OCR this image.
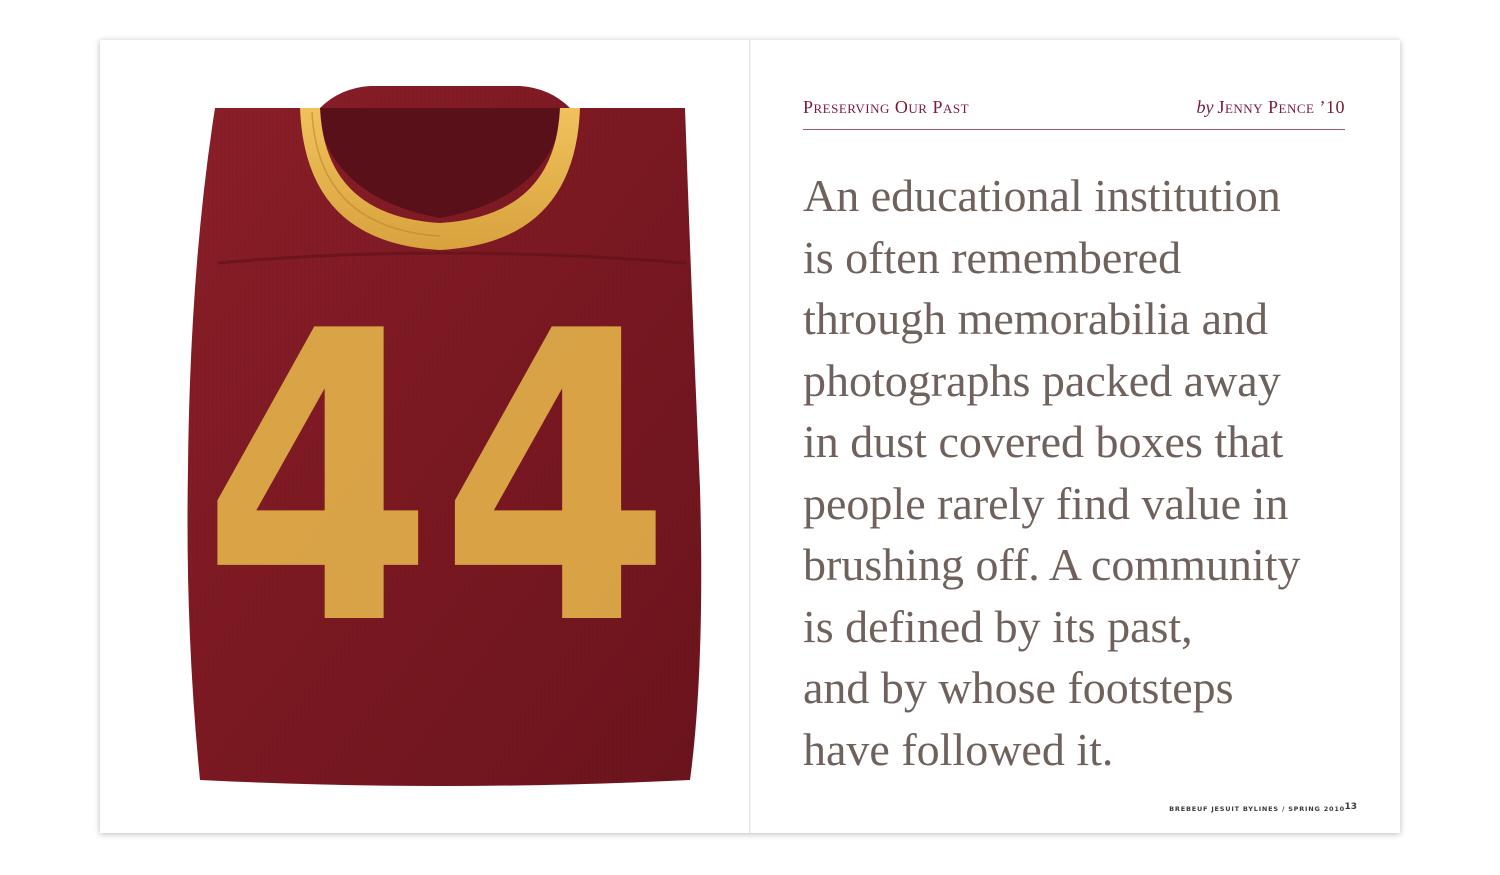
44
Preserving Our Past	by Jenny Pence ’10

An educational institution
is often remembered
through memorabilia and
photographs packed away
in dust covered boxes that
people rarely find value in
brushing off. A community
is defined by its past,
and by whose footsteps
have followed it.

BREBEUF JESUIT BYLINES / SPRING 2010 13
